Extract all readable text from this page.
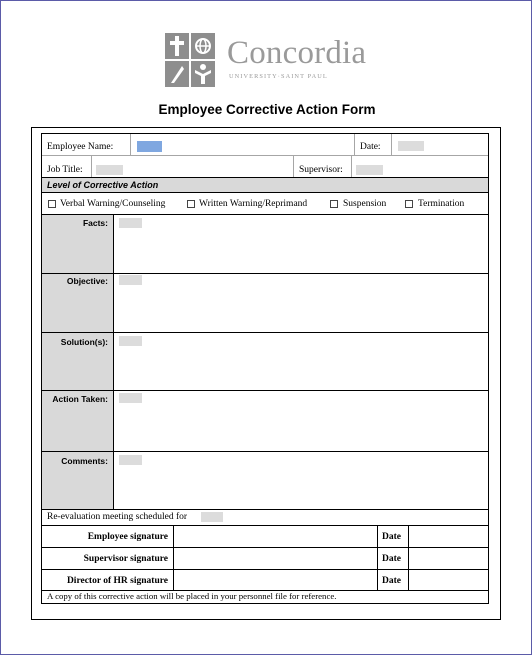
Concordia
UNIVERSITY·SAINT PAUL
Employee Corrective Action Form
Employee Name:	Date:
Job Title:	Supervisor:
Level of Corrective Action
Verbal Warning/Counseling	Written Warning/Reprimand	Suspension	Termination
Facts:
Objective:
Solution(s):
Action Taken:
Comments:
Re-evaluation meeting scheduled for
Employee signature	Date
Supervisor signature	Date
Director of HR signature	Date
A copy of this corrective action will be placed in your personnel file for reference.
